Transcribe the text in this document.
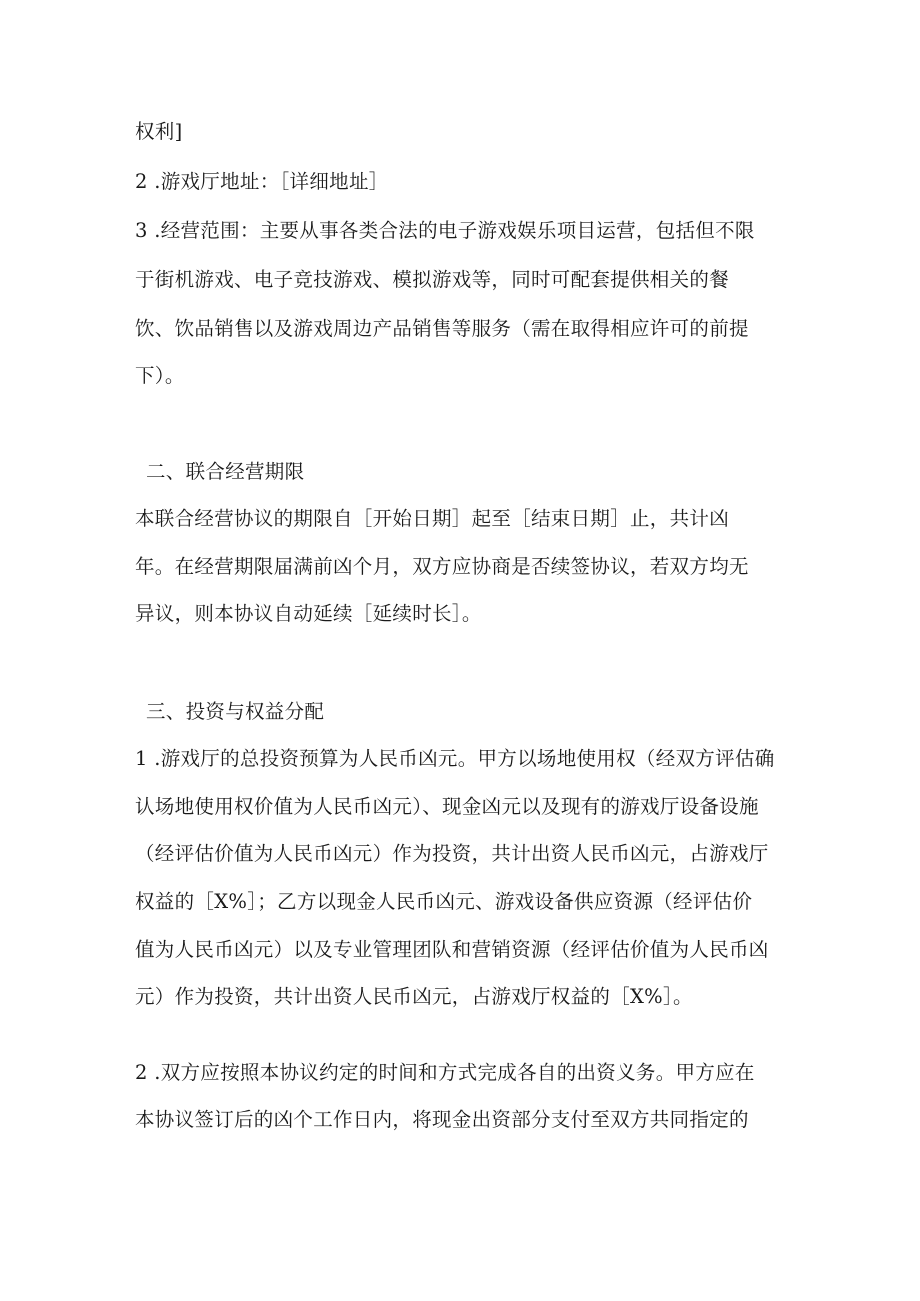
权利]
2 .游戏厅地址：［详细地址］
3 .经营范围：主要从事各类合法的电子游戏娱乐项目运营，包括但不限
于街机游戏、电子竞技游戏、模拟游戏等，同时可配套提供相关的餐
饮、饮品销售以及游戏周边产品销售等服务（需在取得相应许可的前提
下）。
二、联合经营期限
本联合经营协议的期限自［开始日期］起至［结束日期］止，共计凶
年。在经营期限届满前凶个月，双方应协商是否续签协议，若双方均无
异议，则本协议自动延续［延续时长］。
三、投资与权益分配
1 .游戏厅的总投资预算为人民币凶元。甲方以场地使用权（经双方评估确
认场地使用权价值为人民币凶元）、现金凶元以及现有的游戏厅设备设施
（经评估价值为人民币凶元）作为投资，共计出资人民币凶元，占游戏厅
权益的［X%］；乙方以现金人民币凶元、游戏设备供应资源（经评估价
值为人民币凶元）以及专业管理团队和营销资源（经评估价值为人民币凶
元）作为投资，共计出资人民币凶元，占游戏厅权益的［X%］。
2 .双方应按照本协议约定的时间和方式完成各自的出资义务。甲方应在
本协议签订后的凶个工作日内，将现金出资部分支付至双方共同指定的
